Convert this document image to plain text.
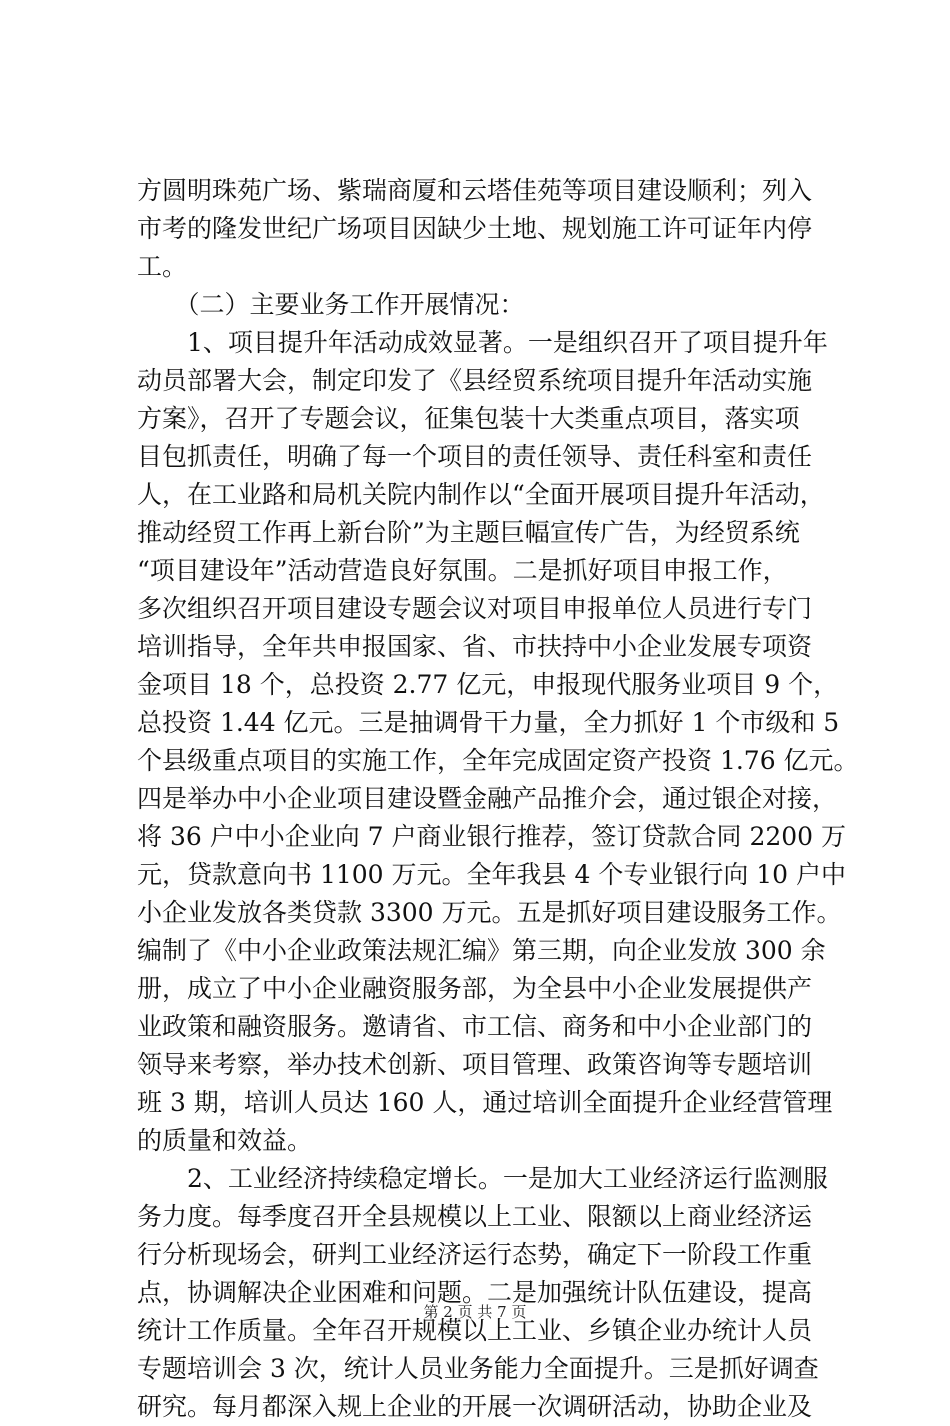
方圆明珠苑广场、紫瑞商厦和云塔佳苑等项目建设顺利；列入
市考的隆发世纪广场项目因缺少土地、规划施工许可证年内停
工。
　　（二）主要业务工作开展情况：
　　1、项目提升年活动成效显著。一是组织召开了项目提升年
动员部署大会，制定印发了《县经贸系统项目提升年活动实施
方案》，召开了专题会议，征集包装十大类重点项目，落实项
目包抓责任，明确了每一个项目的责任领导、责任科室和责任
人，在工业路和局机关院内制作以“全面开展项目提升年活动，
推动经贸工作再上新台阶”为主题巨幅宣传广告，为经贸系统
“项目建设年”活动营造良好氛围。二是抓好项目申报工作，
多次组织召开项目建设专题会议对项目申报单位人员进行专门
培训指导，全年共申报国家、省、市扶持中小企业发展专项资
金项目 18 个，总投资 2.77 亿元，申报现代服务业项目 9 个，
总投资 1.44 亿元。三是抽调骨干力量，全力抓好 1 个市级和 5
个县级重点项目的实施工作，全年完成固定资产投资 1.76 亿元。
四是举办中小企业项目建设暨金融产品推介会，通过银企对接，
将 36 户中小企业向 7 户商业银行推荐，签订贷款合同 2200 万
元，贷款意向书 1100 万元。全年我县 4 个专业银行向 10 户中
小企业发放各类贷款 3300 万元。五是抓好项目建设服务工作。
编制了《中小企业政策法规汇编》第三期，向企业发放 300 余
册，成立了中小企业融资服务部，为全县中小企业发展提供产
业政策和融资服务。邀请省、市工信、商务和中小企业部门的
领导来考察，举办技术创新、项目管理、政策咨询等专题培训
班 3 期，培训人员达 160 人，通过培训全面提升企业经营管理
的质量和效益。
　　2、工业经济持续稳定增长。一是加大工业经济运行监测服
务力度。每季度召开全县规模以上工业、限额以上商业经济运
行分析现场会，研判工业经济运行态势，确定下一阶段工作重
点，协调解决企业困难和问题。二是加强统计队伍建设，提高
统计工作质量。全年召开规模以上工业、乡镇企业办统计人员
专题培训会 3 次，统计人员业务能力全面提升。三是抓好调查
研究。每月都深入规上企业的开展一次调研活动，协助企业及
第 2 页 共 7 页
